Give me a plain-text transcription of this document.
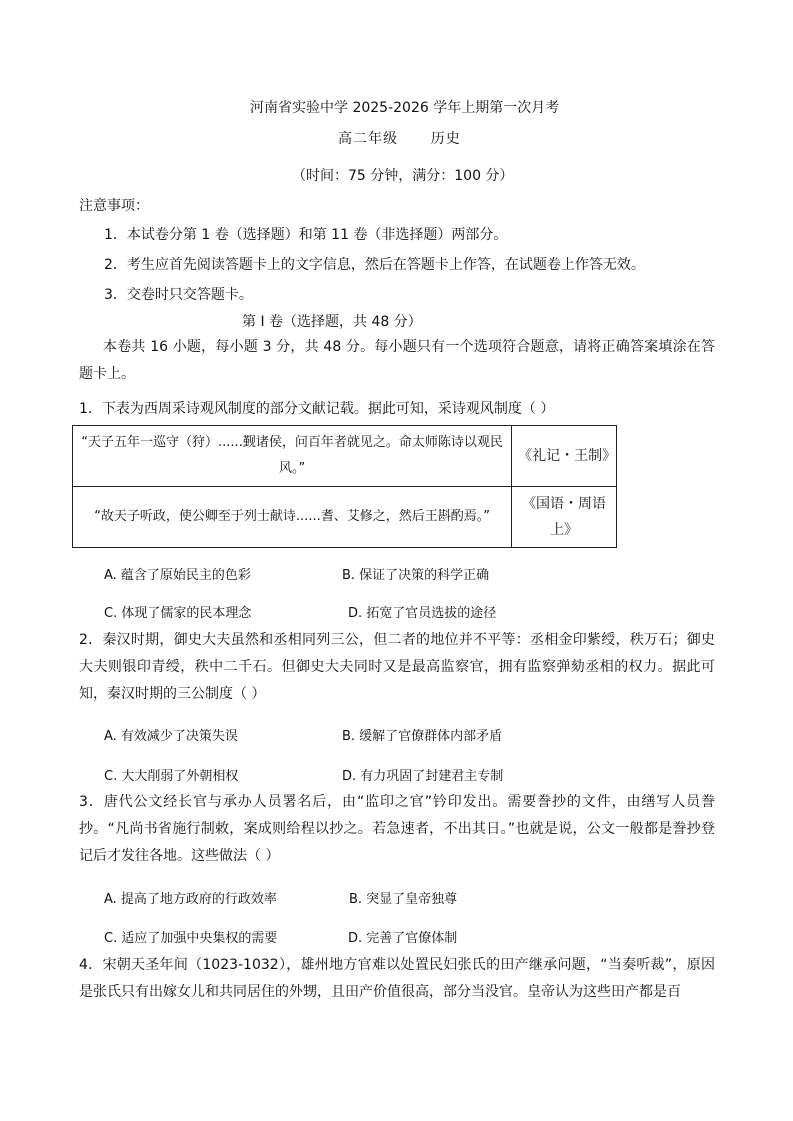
河南省实验中学 2025-2026 学年上期第一次月考
高二年级      历史
（时间：75 分钟，满分：100 分）
注意事项：
1．本试卷分第 1 卷（选择题）和第 11 卷（非选择题）两部分。
2．考生应首先阅读答题卡上的文字信息，然后在答题卡上作答，在试题卷上作答无效。
3．交卷时只交答题卡。
第 I 卷（选择题，共 48 分）
本卷共 16 小题，每小题 3 分，共 48 分。每小题只有一个选项符合题意，请将正确答案填涂在答题卡上。
1．下表为西周采诗观风制度的部分文献记载。据此可知，采诗观风制度（ ）
“天子五年一巡守（狩）......觐诸侯，问百年者就见之。命太师陈诗以观民风。”	《礼记・王制》
“故天子听政，使公卿至于列士献诗......耆、艾修之，然后王斟酌焉。”	《国语・周语上》
A. 蕴含了原始民主的色彩	B. 保证了决策的科学正确
C. 体现了儒家的民本理念	D. 拓宽了官员选拔的途径
2．秦汉时期，御史大夫虽然和丞相同列三公，但二者的地位并不平等：丞相金印紫绶，秩万石；御史大夫则银印青绶，秩中二千石。但御史大夫同时又是最高监察官，拥有监察弹劾丞相的权力。据此可知，秦汉时期的三公制度（ ）
A. 有效减少了决策失误	B. 缓解了官僚群体内部矛盾
C. 大大削弱了外朝相权	D. 有力巩固了封建君主专制
3．唐代公文经长官与承办人员署名后，由“监印之官”钤印发出。需要誊抄的文件，由缮写人员誊抄。“凡尚书省施行制敕，案成则给程以抄之。若急速者，不出其日。”也就是说，公文一般都是誊抄登记后才发往各地。这些做法（ ）
A. 提高了地方政府的行政效率	B. 突显了皇帝独尊
C. 适应了加强中央集权的需要	D. 完善了官僚体制
4．宋朝天圣年间（1023-1032），雄州地方官难以处置民妇张氏的田产继承问题，“当奏听裁”，原因是张氏只有出嫁女儿和共同居住的外甥，且田产价值很高，部分当没官。皇帝认为这些田产都是百
